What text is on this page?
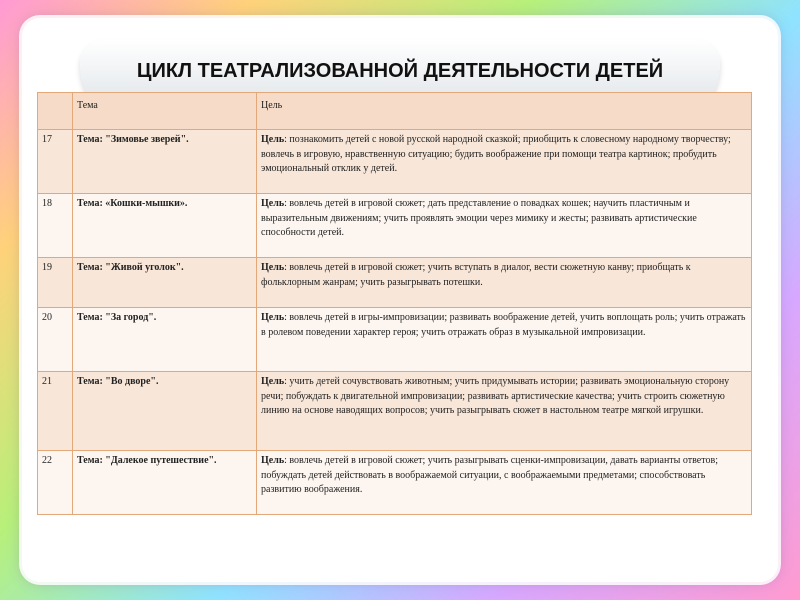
ЦИКЛ ТЕАТРАЛИЗОВАННОЙ ДЕЯТЕЛЬНОСТИ ДЕТЕЙ
	Тема	Цель
17	Тема: "Зимовье зверей".	Цель: познакомить детей с новой русской народной сказкой; приобщить к словесному народному творчеству; вовлечь в игровую, нравственную ситуацию; будить воображение при помощи театра картинок; пробудить эмоциональный отклик у детей.
18	Тема: «Кошки-мышки».	Цель: вовлечь детей в игровой сюжет; дать представление о повадках кошек; научить пластичным и выразительным движениям; учить проявлять эмоции через мимику и жесты; развивать артистические способности детей.
19	Тема: "Живой уголок".	Цель: вовлечь детей в игровой сюжет; учить вступать в диалог, вести сюжетную канву; приобщать к фольклорным жанрам; учить разыгрывать потешки.
20	Тема: "За город".	Цель: вовлечь детей в игры-импровизации; развивать воображение детей, учить воплощать роль; учить отражать в ролевом поведении характер героя; учить отражать образ в музыкальной импровизации.
21	Тема: "Во дворе".	Цель: учить детей сочувствовать животным; учить придумывать истории; развивать эмоциональную сторону речи; побуждать к двигательной импровизации; развивать артистические качества; учить строить сюжетную линию на основе наводящих вопросов; учить разыгрывать сюжет в настольном театре мягкой игрушки.
22	Тема: "Далекое путешествие".	Цель: вовлечь детей в игровой сюжет; учить разыгрывать сценки-импровизации, давать варианты ответов; побуждать детей действовать в воображаемой ситуации, с воображаемыми предметами; способствовать развитию воображения.
